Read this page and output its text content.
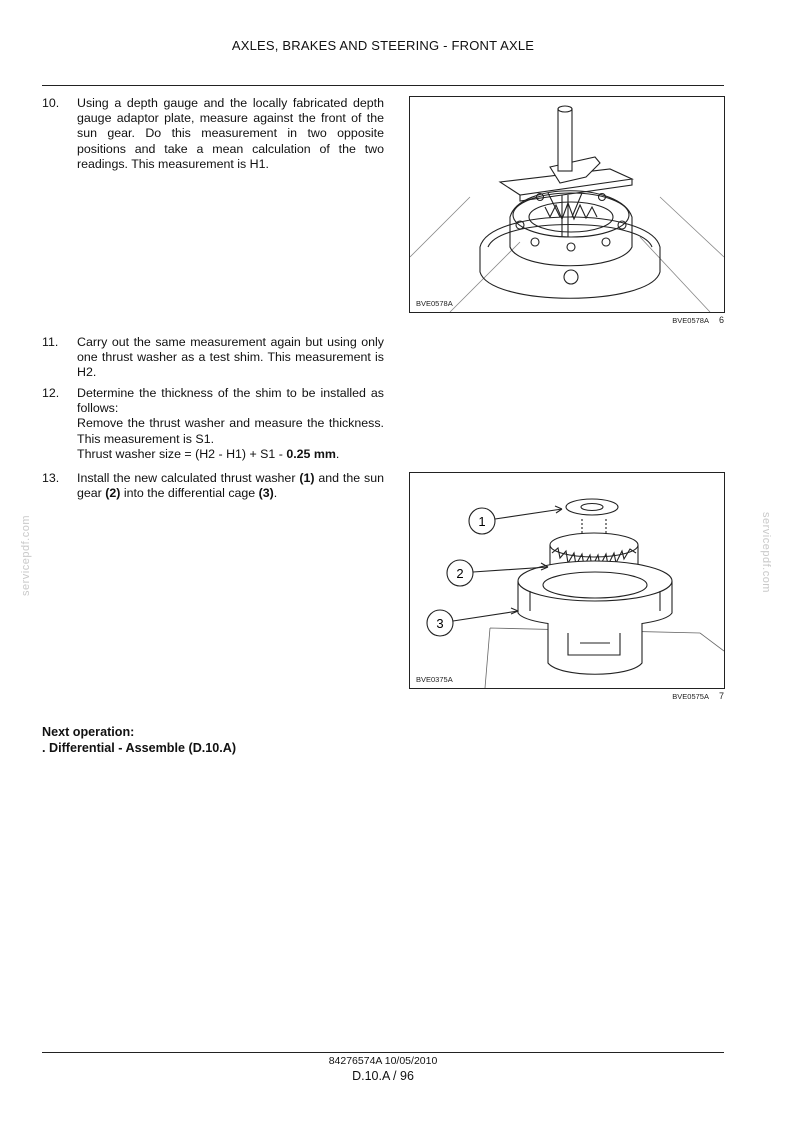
AXLES, BRAKES AND STEERING - FRONT AXLE
10.	Using a depth gauge and the locally fabricated depth gauge adaptor plate, measure against the front of the sun gear. Do this measurement in two opposite positions and take a mean calculation of the two readings. This measurement is H1.

BVE0578A
BVE0578A 6
11.	Carry out the same measurement again but using only one thrust washer as a test shim. This measurement is H2.

12.	Determine the thickness of the shim to be installed as follows:

Remove the thrust washer and measure the thickness. This measurement is S1.

Thrust washer size = (H2 - H1) + S1 - 0.25 mm.

13.	Install the new calculated thrust washer (1) and the sun gear (2) into the differential cage (3).

1
2
3
BVE0375A
BVE0575A 7
servicepdf.com	servicepdf.com
Next operation:
. Differential - Assemble (D.10.A)
84276574A 10/05/2010
D.10.A / 96
